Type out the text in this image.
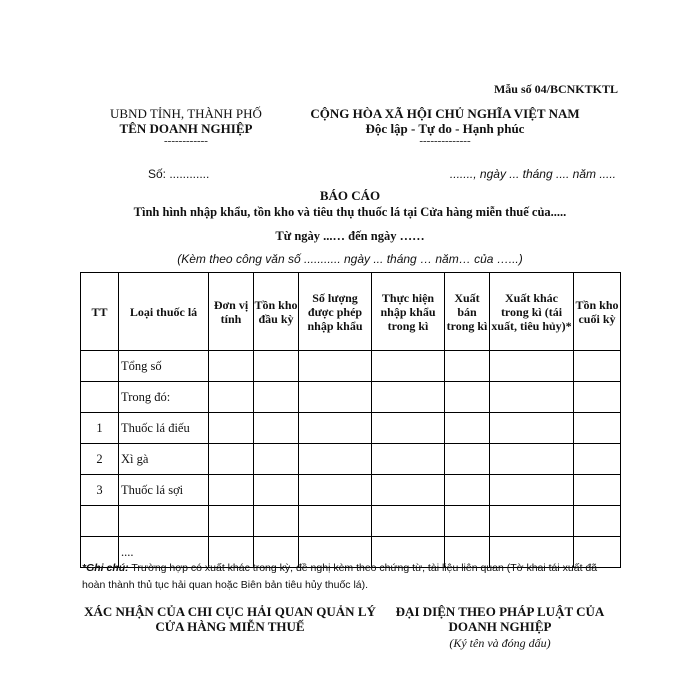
Mẫu số 04/BCNKTKTL
UBND TỈNH, THÀNH PHỐ
TÊN DOANH NGHIỆP
------------
CỘNG HÒA XÃ HỘI CHỦ NGHĨA VIỆT NAM
Độc lập - Tự do - Hạnh phúc
--------------
Số: ............	......., ngày ... tháng .... năm .....
BÁO CÁO
Tình hình nhập khẩu, tồn kho và tiêu thụ thuốc lá tại Cửa hàng miễn thuế của.....
Từ ngày ...… đến ngày ……
(Kèm theo công văn số ........... ngày ... tháng … năm… của …...)
TT	Loại thuốc lá	Đơn vị tính	Tồn kho đầu kỳ	Số lượng được phép nhập khẩu	Thực hiện nhập khẩu trong kì	Xuất bán trong kì	Xuất khác trong kì (tái xuất, tiêu hủy)*	Tồn kho cuối kỳ
	Tổng số							
	Trong đó:							
1	Thuốc lá điếu							
2	Xì gà							
3	Thuốc lá sợi							

	....							
*Ghi chú: Trường hợp có xuất khác trong kỳ, đề nghị kèm theo chứng từ, tài liệu liên quan (Tờ khai tái xuất đã hoàn thành thủ tục hải quan hoặc Biên bản tiêu hủy thuốc lá).
XÁC NHẬN CỦA CHI CỤC HẢI QUAN QUẢN LÝ CỬA HÀNG MIỄN THUẾ
ĐẠI DIỆN THEO PHÁP LUẬT CỦA DOANH NGHIỆP
(Ký tên và đóng dấu)
